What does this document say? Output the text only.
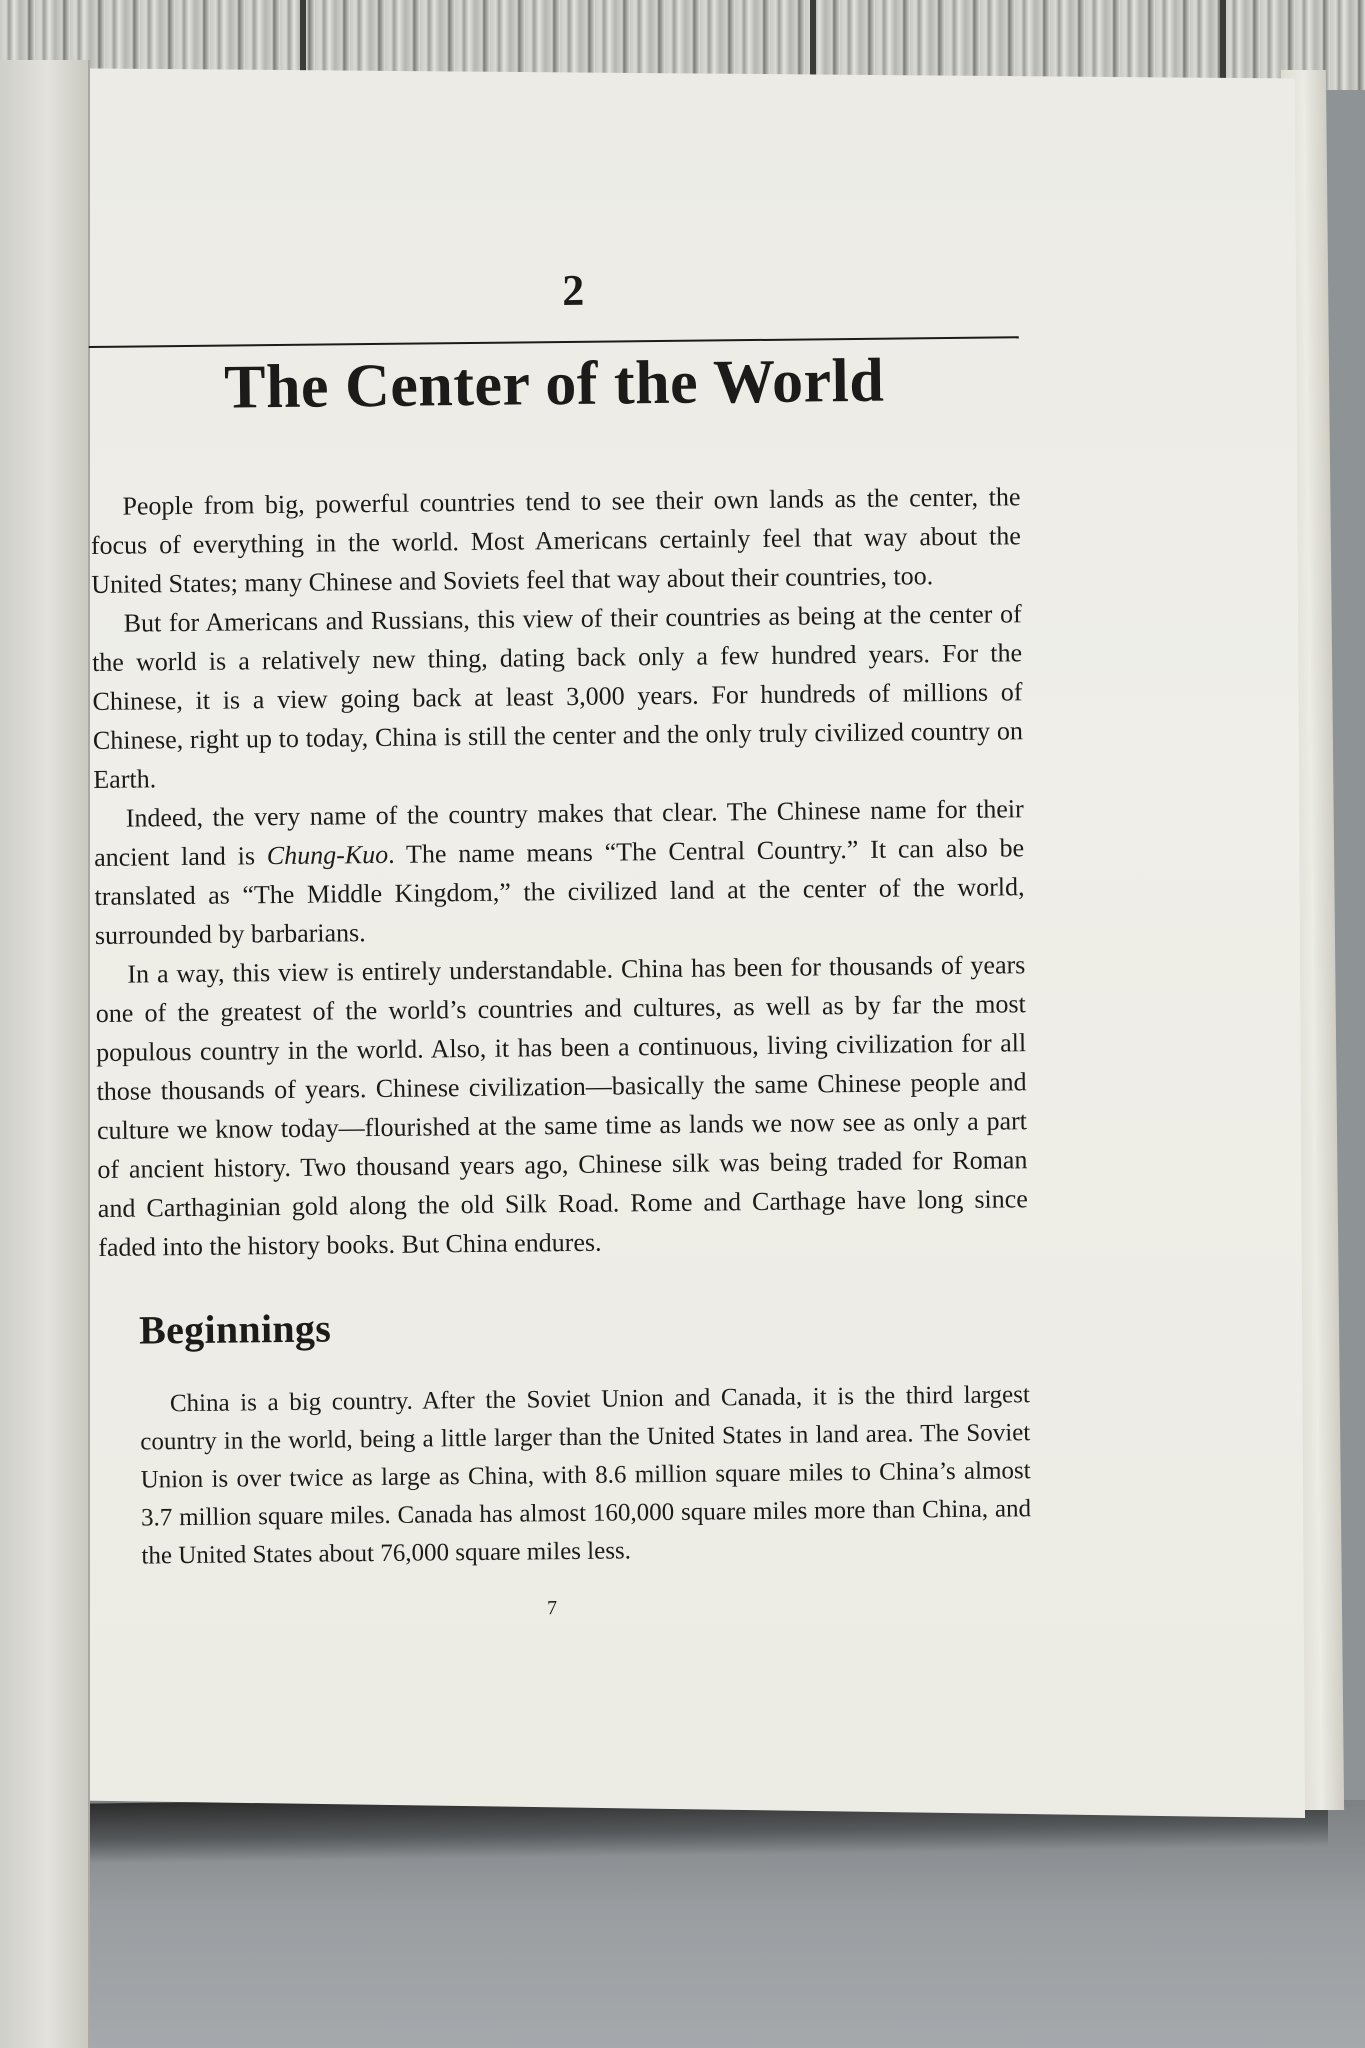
2
The Center of the World

People from big, powerful countries tend to see their own lands as the center, the focus of everything in the world. Most Americans certainly feel that way about the United States; many Chinese and Soviets feel that way about their countries, too.

But for Americans and Russians, this view of their countries as being at the center of the world is a relatively new thing, dating back only a few hundred years. For the Chinese, it is a view going back at least 3,000 years. For hundreds of millions of Chinese, right up to today, China is still the center and the only truly civilized country on Earth.

Indeed, the very name of the country makes that clear. The Chinese name for their ancient land is Chung-Kuo. The name means “The Central Country.” It can also be translated as “The Middle Kingdom,” the civilized land at the center of the world, surrounded by barbarians.

In a way, this view is entirely understandable. China has been for thousands of years one of the greatest of the world’s countries and cultures, as well as by far the most populous country in the world. Also, it has been a continuous, living civilization for all those thousands of years. Chinese civilization—basically the same Chinese people and culture we know today—flourished at the same time as lands we now see as only a part of ancient history. Two thousand years ago, Chinese silk was being traded for Roman and Carthaginian gold along the old Silk Road. Rome and Carthage have long since faded into the history books. But China endures.

Beginnings

China is a big country. After the Soviet Union and Canada, it is the third largest country in the world, being a little larger than the United States in land area. The Soviet Union is over twice as large as China, with 8.6 million square miles to China’s almost 3.7 million square miles. Canada has almost 160,000 square miles more than China, and the United States about 76,000 square miles less.

7
